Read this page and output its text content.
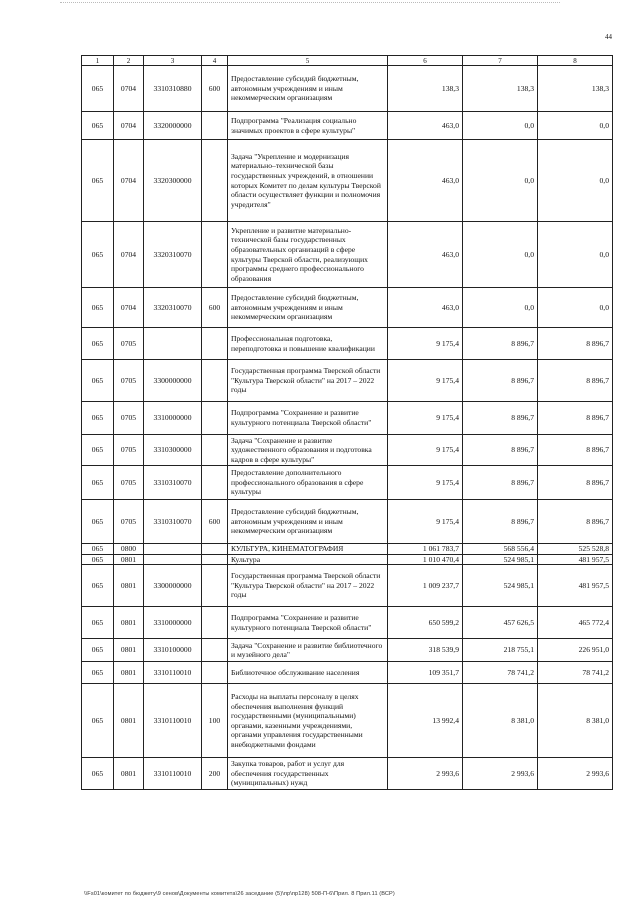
44
1	2	3	4	5	6	7	8
065	0704	3310310880	600	Предоставление субсидий бюджетным, автономным учреждениям и иным некоммерческим организациям	138,3	138,3	138,3
065	0704	3320000000		Подпрограмма "Реализация социально значимых проектов в сфере культуры"	463,0	0,0	0,0
065	0704	3320300000		Задача "Укрепление и модернизация материально–технической базы государственных учреждений, в отношении которых Комитет по делам культуры Тверской области осуществляет функции и полномочия учредителя"	463,0	0,0	0,0
065	0704	3320310070		Укрепление и развитие материально-технической базы государственных образовательных организаций в сфере культуры Тверской области, реализующих программы среднего профессионального образования	463,0	0,0	0,0
065	0704	3320310070	600	Предоставление субсидий бюджетным, автономным учреждениям и иным некоммерческим организациям	463,0	0,0	0,0
065	0705			Профессиональная подготовка, переподготовка и повышение квалификации	9 175,4	8 896,7	8 896,7
065	0705	3300000000		Государственная программа Тверской области "Культура Тверской области" на 2017 – 2022 годы	9 175,4	8 896,7	8 896,7
065	0705	3310000000		Подпрограмма "Сохранение и развитие культурного потенциала Тверской области"	9 175,4	8 896,7	8 896,7
065	0705	3310300000		Задача "Сохранение и развитие художественного образования и подготовка кадров в сфере культуры"	9 175,4	8 896,7	8 896,7
065	0705	3310310070		Предоставление дополнительного профессионального образования в сфере культуры	9 175,4	8 896,7	8 896,7
065	0705	3310310070	600	Предоставление субсидий бюджетным, автономным учреждениям и иным некоммерческим организациям	9 175,4	8 896,7	8 896,7
065	0800			КУЛЬТУРА, КИНЕМАТОГРАФИЯ	1 061 783,7	568 556,4	525 528,8
065	0801			Культура	1 010 470,4	524 985,1	481 957,5
065	0801	3300000000		Государственная программа Тверской области "Культура Тверской области" на 2017 – 2022 годы	1 009 237,7	524 985,1	481 957,5
065	0801	3310000000		Подпрограмма "Сохранение и развитие культурного потенциала Тверской области"	650 599,2	457 626,5	465 772,4
065	0801	3310100000		Задача "Сохранение и развитие библиотечного и музейного дела"	318 539,9	218 755,1	226 951,0
065	0801	3310110010		Библиотечное обслуживание населения	109 351,7	78 741,2	78 741,2
065	0801	3310110010	100	Расходы на выплаты персоналу в целях обеспечения выполнения функций государственными (муниципальными) органами, казенными учреждениями, органами управления государственными внебюджетными фондами	13 992,4	8 381,0	8 381,0
065	0801	3310110010	200	Закупка товаров, работ и услуг для обеспечения государственных (муниципальных) нужд	2 993,6	2 993,6	2 993,6
\\Fs01\комитет по бюджету\9 сенов\Документы комитета\26 заседание (5)\пр\пр128) 508-П-6\Прил. 8 Прил.11 (ВСР)
